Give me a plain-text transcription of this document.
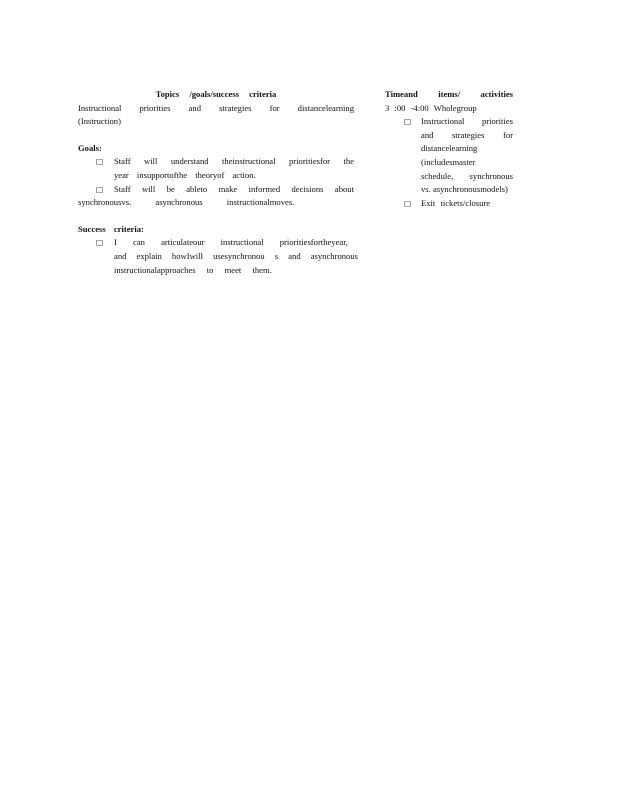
Topics /goals/success criteria
Instructional priorities and strategies for distancelearning
(Instruction)
Goals:
□ Staff will understand theinstructional prioritiesfor the
year insupportofthe theoryof action.
□ Staff will be ableto make informed decisions about
synchronousvs. asynchronous instructionalmoves.
Success criteria:
□ I can articulateour instructional prioritiesfortheyear,
and explain howIwill usesynchronou s and asynchronous
instructionalapproaches to meet them.
Timeand items/ activities
3 :00 -4:00 Wholegroup
□ Instructional priorities
and strategies for
distancelearning
(includesmaster
schedule, synchronous
vs. asynchronousmodels)
□ Exit tickets/closure
